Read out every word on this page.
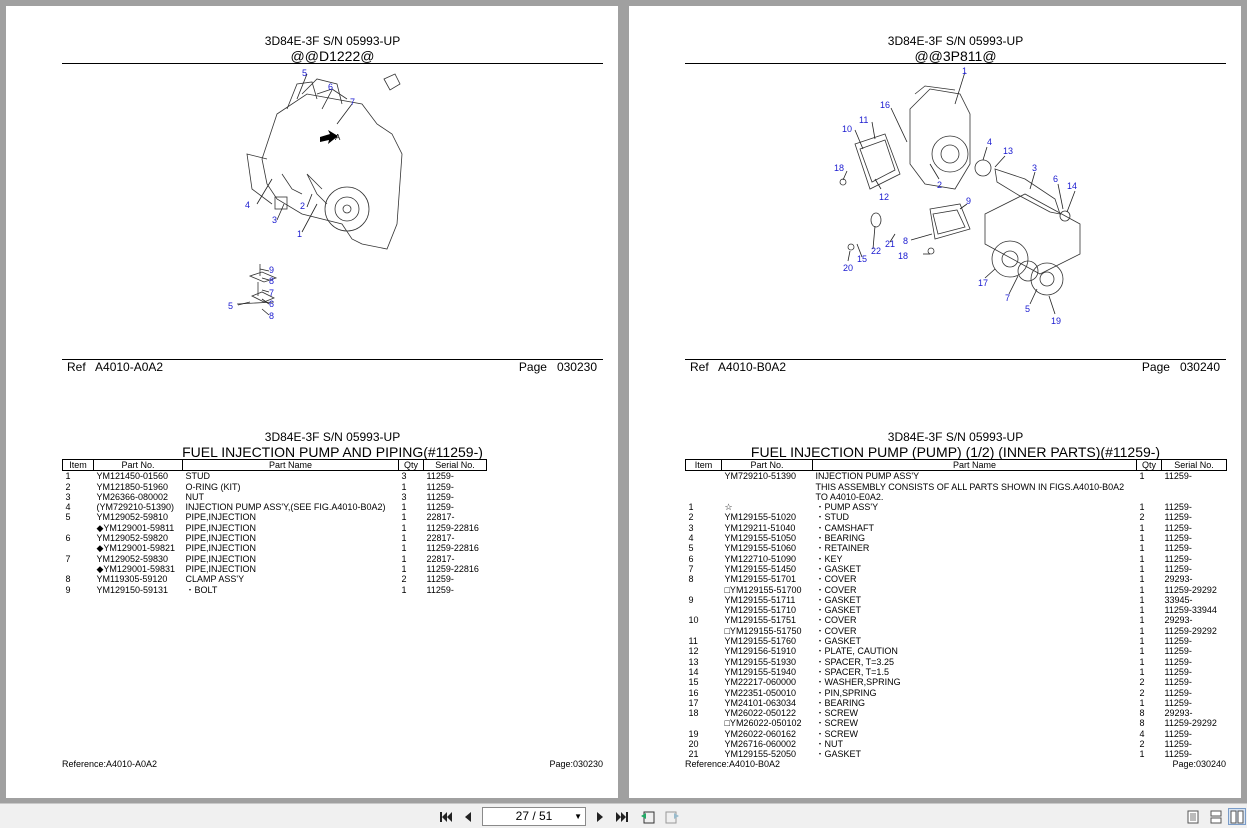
3D84E-3F S/N 05993-UP
@@D1222@
5
6
7
A
4
3
2
1
9
8
7
5	6
8
Ref   A4010-A0A2	Page   030230
3D84E-3F S/N 05993-UP
FUEL INJECTION PUMP AND PIPING(#11259-)
Item	Part No.	Part Name	Qty	Serial No.
1	YM121450-01560	STUD	3	11259-
2	YM121850-51960	O-RING (KIT)	1	11259-
3	YM26366-080002	NUT	3	11259-
4	(YM729210-51390)	INJECTION PUMP ASS'Y,(SEE FIG.A4010-B0A2)	1	11259-
5	YM129052-59810	PIPE,INJECTION	1	22817-
	◆YM129001-59811	PIPE,INJECTION	1	11259-22816
6	YM129052-59820	PIPE,INJECTION	1	22817-
	◆YM129001-59821	PIPE,INJECTION	1	11259-22816
7	YM129052-59830	PIPE,INJECTION	1	22817-
	◆YM129001-59831	PIPE,INJECTION	1	11259-22816
8	YM119305-59120	CLAMP ASS'Y	2	11259-
9	YM129150-59131	・BOLT	1	11259-
Reference:A4010-A0A2	Page:030230
3D84E-3F S/N 05993-UP
@@3P811@
1
16
11
10
4
13
3
6
14
18
12
2
9
8
21
22
15	18
20
17
7
5
19
Ref   A4010-B0A2	Page   030240
3D84E-3F S/N 05993-UP
FUEL INJECTION PUMP (PUMP) (1/2) (INNER PARTS)(#11259-)
Item	Part No.	Part Name	Qty	Serial No.
	YM729210-51390	INJECTION PUMP ASS'Y	1	11259-
		THIS ASSEMBLY CONSISTS OF ALL PARTS SHOWN IN FIGS.A4010-B0A2		
		TO A4010-E0A2.		
1	☆	・PUMP ASS'Y	1	11259-
2	YM129155-51020	・STUD	2	11259-
3	YM129211-51040	・CAMSHAFT	1	11259-
4	YM129155-51050	・BEARING	1	11259-
5	YM129155-51060	・RETAINER	1	11259-
6	YM122710-51090	・KEY	1	11259-
7	YM129155-51450	・GASKET	1	11259-
8	YM129155-51701	・COVER	1	29293-
	□YM129155-51700	・COVER	1	11259-29292
9	YM129155-51711	・GASKET	1	33945-
	YM129155-51710	・GASKET	1	11259-33944
10	YM129155-51751	・COVER	1	29293-
	□YM129155-51750	・COVER	1	11259-29292
11	YM129155-51760	・GASKET	1	11259-
12	YM129156-51910	・PLATE, CAUTION	1	11259-
13	YM129155-51930	・SPACER, T=3.25	1	11259-
14	YM129155-51940	・SPACER, T=1.5	1	11259-
15	YM22217-060000	・WASHER,SPRING	2	11259-
16	YM22351-050010	・PIN,SPRING	2	11259-
17	YM24101-063034	・BEARING	1	11259-
18	YM26022-050122	・SCREW	8	29293-
	□YM26022-050102	・SCREW	8	11259-29292
19	YM26022-060162	・SCREW	4	11259-
20	YM26716-060002	・NUT	2	11259-
21	YM129155-52050	・GASKET	1	11259-
Reference:A4010-B0A2	Page:030240
27 / 51	▼
